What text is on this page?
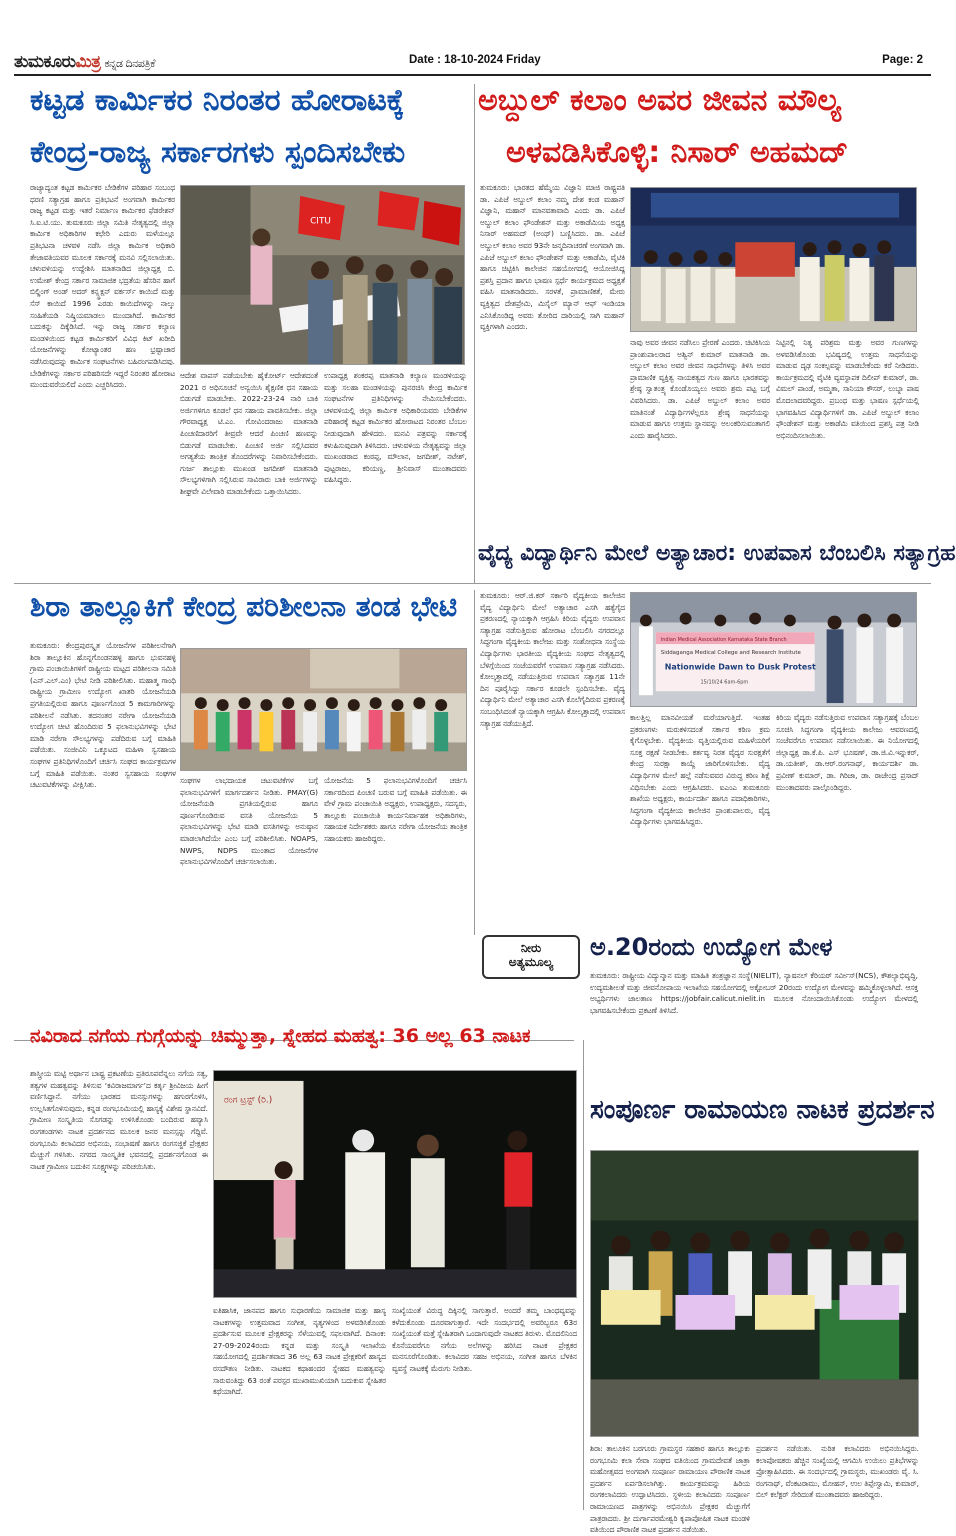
ತುಮಕೂರುಮಿತ್ರ ಕನ್ನಡ ದಿನಪತ್ರಿಕೆ	Date : 18-10-2024 Friday	Page: 2
ಕಟ್ಟಡ ಕಾರ್ಮಿಕರ ನಿರಂತರ ಹೋರಾಟಕ್ಕೆ
ಕೇಂದ್ರ-ರಾಜ್ಯ ಸರ್ಕಾರಗಳು ಸ್ಪಂದಿಸಬೇಕು
ರಾಜ್ಯಾದ್ಯಂತ ಕಟ್ಟಡ ಕಾರ್ಮಿಕರ ಬೇಡಿಕೆಗಳ ಪರಿಹಾರ ಸಂಬಂಧ ಧರಣಿ ಸತ್ಯಾಗ್ರಹ ಹಾಗೂ ಪ್ರತಿಭಟನೆ ಅಂಗವಾಗಿ ಕಾರ್ಮಿಕರ ರಾಜ್ಯ ಕಟ್ಟಡ ಮತ್ತು ಇತರೆ ನಿರ್ಮಾಣ ಕಾರ್ಮಿಕರ ಫೆಡರೇಶನ್ ಸಿ.ಐ.ಟಿ.ಯು. ತುಮಕೂರು ಜಿಲ್ಲಾ ಸಮಿತಿ ನೇತೃತ್ವದಲ್ಲಿ ಜಿಲ್ಲಾ ಕಾರ್ಮಿಕ ಅಧಿಕಾರಿಗಳ ಕಛೇರಿ ಎದುರು ಮಳೆಯಲ್ಲೂ ಪ್ರತಿಭಟನಾ ಚಳವಳಿ ನಡೆಸಿ ಜಿಲ್ಲಾ ಕಾರ್ಮಿಕ ಅಧಿಕಾರಿ ತೇಜಾವತಿಯವರ ಮೂಲಕ ಸರ್ಕಾರಕ್ಕೆ ಮನವಿ ಸಲ್ಲಿಸಲಾಯಿತು. ಚಳುವಳಿಯನ್ನು ಉದ್ದೇಶಿಸಿ ಮಾತನಾಡಿದ ಜಿಲ್ಲಾಧ್ಯಕ್ಷ ಬಿ. ಉಮೇಶ್ ಕೇಂದ್ರ ಸರ್ಕಾರ ಸಾಮಾಜಿಕ ಭದ್ರತೆಯ ಹೆಸರಿನ ಹಾಗೆ ಬಿಲ್ಡಿಂಗ್ ಅಂಡ್ ಅದರ್ ಕನ್ಸ್ಟ್ರಕ್ಷನ್ ವರ್ಕರ್ಸ್ ಕಾಯಿದೆ ಮತ್ತು ಸೆಸ್ ಕಾಯಿದೆ 1996 ಎರಡು ಕಾಯಿದೆಗಳನ್ನು ನಾಲ್ಕು ಸಂಹಿತೆಯಡಿ ನಿಷ್ಕ್ರಿಯಮಾಡಲು ಮುಂದಾಗಿದೆ. ಕಾರ್ಮಿಕರ ಬದುಕನ್ನು ದಿಕ್ಕೆಡಿಸಿದೆ. ಇನ್ನು ರಾಜ್ಯ ಸರ್ಕಾರ ಕಲ್ಯಾಣ ಮಂಡಳಿಯಿಂದ ಕಟ್ಟಡ ಕಾರ್ಮಿಕರಿಗೆ ವಿವಿಧ ಕಿಟ್ ಖರೀದಿ ಯೋಜನೆಗಳನ್ನು ಕೋಟ್ಯಾಂತರ ಹಣ ಭ್ರಷ್ಟಾಚಾರ ನಡೆಸಿರುವುದನ್ನು ಕಾರ್ಮಿಕ ಸಂಘಟನೆಗಳು ಬಹಿರಂಗಪಡಿಸಿದವು. ಬೇಡಿಕೆಗಳನ್ನು ಸರ್ಕಾರ ಪರಿಹರಿಸದೇ ಇದ್ದರೆ ನಿರಂತರ ಹೋರಾಟ ಮುಂದುವರೆಯಲಿದೆ ಎಂದು ಎಚ್ಚರಿಸಿದರು.
CITU
ಆದೇಶ ವಾಪಸ್ ಪಡೆಯಬೇಕು ಹೈಕೋರ್ಟ್ ಆದೇಶದಂತೆ 2021 ರ ಅಧಿಸೂಚನೆ ಅನ್ವಯಿಸಿ ಶೈಕ್ಷಣಿಕ ಧನ ಸಹಾಯ ಬಿಡುಗಡೆ ಮಾಡಬೇಕು. 2022-23-24 ನಾರಿ ಬಾಕಿ ಅರ್ಜಿಗಳಿಗೂ ಕೂಡಲೆ ಧನ ಸಹಾಯ ಪಾವತಿಸಬೇಕು. ಜಿಲ್ಲಾ ಗೌರವಾಧ್ಯಕ್ಷ ಟಿ.ಎಂ. ಗೋವಿಂದರಾಜು ಮಾತನಾಡಿ ಪಿಂಚಣಿದಾರರಿಗೆ ತೀವ್ರವೇ ಆದರೆ ಪಿಂಚಣಿ ಹಣವನ್ನು ಬಿಡುಗಡೆ ಮಾಡಬೇಕು. ಪಿಂಚಣಿ ಅರ್ಜಿ ಸಲ್ಲಿಸಿದವರ ಅಗತ್ಯತೆಯ ತಾಂತ್ರಿಕ ತೊಂದರೆಗಳನ್ನು ನಿವಾರಿಸಬೇಕೆಂದರು. ಗುರ್ಜ ತಾಲ್ಲೂಕು ಮುಖಂಡ ಜಗದೀಶ್ ಮಾತನಾಡಿ ಸೌಲಭ್ಯಗಳಿಗಾಗಿ ಸಲ್ಲಿಸಿರುವ ಸಾವಿರಾರು ಬಾಕಿ ಅರ್ಜಿಗಳನ್ನು ಶೀಘ್ರವೇ ವಿಲೇವಾರಿ ಮಾಡಬೇಕೆಂದು ಒತ್ತಾಯಿಸಿದರು.
ಉಪಾಧ್ಯಕ್ಷ ಶಂಕರಪ್ಪ ಮಾತನಾಡಿ ಕಲ್ಯಾಣ ಮಂಡಳಿಯನ್ನು ಮತ್ತು ಸಲಹಾ ಮಂಡಳಿಯನ್ನು ಪುನರಚಿಸಿ ಕೇಂದ್ರ ಕಾರ್ಮಿಕ ಸಂಘಟನೆಗಳ ಪ್ರತಿನಿಧಿಗಳನ್ನು ನೇಮಿಸಬೇಕೆಂದರು. ಚಳವಳಿಯಲ್ಲಿ ಜಿಲ್ಲಾ ಕಾರ್ಮಿಕ ಅಧಿಕಾರಿಯವರು ಬೇಡಿಕೆಗಳ ಪರಿಹಾರಕ್ಕೆ ಕಟ್ಟಡ ಕಾರ್ಮಿಕರ ಹೋರಾಟದ ನಿರಂತರ ಬೆಂಬಲ ನೀಡುವುದಾಗಿ ಹೇಳಿದರು. ಮನವಿ ಪತ್ರವನ್ನು ಸರ್ಕಾರಕ್ಕೆ ಕಳುಹಿಸುವುದಾಗಿ ತಿಳಿಸಿದರು. ಚಳುವಳಿಯ ನೇತೃತ್ವವನ್ನು ಜಿಲ್ಲಾ ಮುಖಂಡರಾದ ಕಂಠಪ್ಪ, ಮೌಲಾನ, ಜಗದೀಶ್, ನಟೇಶ್, ಪುಟ್ಟರಾಜು, ಕರಿಯಣ್ಣ, ಶ್ರೀನಿವಾಸ್ ಮುಂತಾದವರು ವಹಿಸಿದ್ದರು.
ಅಬ್ದುಲ್ ಕಲಾಂ ಅವರ ಜೀವನ ಮೌಲ್ಯ
ಅಳವಡಿಸಿಕೊಳ್ಳಿ: ನಿಸಾರ್ ಅಹಮದ್
ತುಮಕೂರು: ಭಾರತದ ಹೆಮ್ಮೆಯ ವಿಜ್ಞಾನಿ ಮಾಜಿ ರಾಷ್ಟ್ರಪತಿ ಡಾ. ಎಪಿಜೆ ಅಬ್ದುಲ್ ಕಲಾಂ ನಮ್ಮ ದೇಶ ಕಂಡ ಮಹಾನ್ ವಿಜ್ಞಾನಿ, ಮಹಾನ್ ಮಾನವತಾವಾದಿ ಎಂದು ಡಾ. ಎಪಿಜೆ ಅಬ್ದುಲ್ ಕಲಾಂ ಫೌಂಡೇಶನ್ ಮತ್ತು ಅಕಾಡೆಮಿಯ ಅಧ್ಯಕ್ಷ ನಿಸಾರ್ ಅಹಮದ್ (ಅಂಥ್) ಬಣ್ಣಿಸಿದರು. ಡಾ. ಎಪಿಜೆ ಅಬ್ದುಲ್ ಕಲಾಂ ಅವರ 93ನೇ ಜನ್ಮದಿನಾಚರಣೆ ಅಂಗವಾಗಿ ಡಾ. ಎಪಿಜೆ ಅಬ್ದುಲ್ ಕಲಾಂ ಫೌಂಡೇಶನ್ ಮತ್ತು ಅಕಾಡೆಮಿ, ವೈಟಿಕಿ ಹಾಗೂ ಚಿಟ್ಟಿಕಿಸಿ ಕಾಲೇಜಿನ ಸಹಯೋಗದಲ್ಲಿ ಆಯೋಜಿಸಿದ್ದ ಪ್ರಶಸ್ತಿ ಪ್ರದಾನ ಹಾಗೂ ಭಾಷಣ ಸ್ಪರ್ಧೆ ಕಾರ್ಯಕ್ರಮದ ಅಧ್ಯಕ್ಷತೆ ವಹಿಸಿ ಮಾತನಾಡಿದರು. ಸರಳತೆ, ಪ್ರಾಮಾಣಿಕತೆ, ಮೇರು ವ್ಯಕ್ತಿತ್ವದ ದೇಶಪ್ರೇಮಿ, ಮಿಸೈಲ್ ಮ್ಯಾನ್ ಆಫ್ ಇಂಡಿಯಾ ಎನಿಸಿಕೊಂಡಿದ್ದ ಅವರು ತೋರಿದ ದಾರಿಯಲ್ಲಿ ಸಾಗಿ ಮಹಾನ್ ವ್ಯಕ್ತಿಗಳಾಗಿ ಎಂದರು.
ನಾವು ಅವರ ಜೀವನ ನಡೆಸಿಲು ಪ್ರೇರಣೆ ಎಂದರು. ಚಿಟಿಕಿಸಿಯ ಪ್ರಾಂಶುಪಾಲರಾದ ಅಶ್ವಿನ್ ಕುಮಾರ್ ಮಾತನಾಡಿ ಡಾ. ಅಬ್ದುಲ್ ಕಲಾಂ ಅವರ ಜೀವನ ಸಾಧನೆಗಳನ್ನು ತಿಳಿಸಿ ಅವರ ಪ್ರಾಮಾಣಿಕ ವ್ಯಕ್ತಿತ್ವ ನಾಯಕತ್ವದ ಗುಣ ಹಾಗೂ ಭಾರತವನ್ನು ಶ್ರೇಷ್ಠ ಸ್ವಾತಂತ್ರ್ಯ ಕೊಂಡೊಯ್ಯಲು ಅವರು ಶ್ರಮ ಪಟ್ಟ ಬಗ್ಗೆ ವಿವರಿಸಿದರು. ಡಾ. ಎಪಿಜೆ ಅಬ್ದುಲ್ ಕಲಾಂ ಅವರ ಮಾತಿನಂತೆ ವಿದ್ಯಾರ್ಥಿಗಳೆಲ್ಲರೂ ಶ್ರೇಷ್ಠ ಸಾಧನೆಯನ್ನು ಮಾಡುವ ಹಾಗೂ ಉತ್ತಮ ಸ್ಥಾನವನ್ನು ಅಲಂಕರಿಸುವಂತಾಗಲಿ ಎಂದು ಹಾರೈಸಿದರು.
ನಿಟ್ಟಿನಲ್ಲಿ ನಿತ್ಯ ಪರಿಶ್ರಮ ಮತ್ತು ಅವರ ಗುಣಗಳನ್ನು ಅಳವಡಿಸಿಕೊಂಡು ಭವಿಷ್ಯದಲ್ಲಿ ಉತ್ತಮ ಸಾಧನೆಯನ್ನು ಮಾಡುವ ದೃಢ ಸಂಕಲ್ಪವನ್ನು ಮಾಡಬೇಕೆಂದು ಕರೆ ನೀಡಿದರು. ಕಾರ್ಯಕ್ರಮದಲ್ಲಿ ವೈಟಿಕಿ ವ್ಯವಸ್ಥಾಪಕ ದಿಲೀಪ್ ಕುಮಾರ್, ಡಾ. ವಿಮಲ್ ಪಾಂಡೆ, ಅಮ್ಮತಾ, ಸಾನಿಯಾ ಕೌಸರ್, ಲುಬ್ನಾ ಪಾಷ ಮೊದಲಾದವರಿದ್ದರು. ಪ್ರಬಂಧ ಮತ್ತು ಭಾಷಣ ಸ್ಪರ್ಧೆಯಲ್ಲಿ ಭಾಗವಹಿಸಿದ ವಿದ್ಯಾರ್ಥಿಗಳಿಗೆ ಡಾ. ಎಪಿಜೆ ಅಬ್ದುಲ್ ಕಲಾಂ ಫೌಂಡೇಶನ್ ಮತ್ತು ಅಕಾಡೆಮಿ ವತಿಯಿಂದ ಪ್ರಶಸ್ತಿ ಪತ್ರ ನೀಡಿ ಅಭಿನಂದಿಸಲಾಯಿತು.
ಶಿರಾ ತಾಲ್ಲೂಕಿಗೆ ಕೇಂದ್ರ ಪರಿಶೀಲನಾ ತಂಡ ಭೇಟಿ
ತುಮಕೂರು: ಕೇಂದ್ರಪುರಸ್ಕೃತ ಯೋಜನೆಗಳ ಪರಿಶೀಲನೆಗಾಗಿ ಶಿರಾ ತಾಲ್ಲೂಕಿನ ಹೊನ್ನಗೊಂಡನಹಳ್ಳಿ ಹಾಗೂ ಭುವನಹಳ್ಳಿ ಗ್ರಾಮ ಪಂಚಾಯಿತಿಗಳಿಗೆ ರಾಷ್ಟ್ರೀಯ ಮಟ್ಟದ ಪರಿಶೀಲನಾ ಸಮಿತಿ (ಎನ್.ಎಲ್.ಎಂ) ಭೇಟಿ ನೀಡಿ ಪರಿಶೀಲಿಸಿತು. ಮಹಾತ್ಮ ಗಾಂಧಿ ರಾಷ್ಟ್ರೀಯ ಗ್ರಾಮೀಣ ಉದ್ಯೋಗ ಖಾತರಿ ಯೋಜನೆಯಡಿ ಪ್ರಗತಿಯಲ್ಲಿರುವ ಹಾಗೂ ಪೂರ್ಣಗೊಂಡ 5 ಕಾಮಗಾರಿಗಳನ್ನು ಪರಿಶೀಲನೆ ನಡೆಸಿತು. ತದನಂತರ ನರೇಗಾ ಯೋಜನೆಯಡಿ ಉದ್ಯೋಗ ಚೀಟಿ ಹೊಂದಿರುವ 5 ಫಲಾನುಭವಿಗಳನ್ನು ಭೇಟಿ ಮಾಡಿ ನರೇಗಾ ಸೌಲಭ್ಯಗಳನ್ನು ಪಡೆದಿರುವ ಬಗ್ಗೆ ಮಾಹಿತಿ ಪಡೆಯಿತು. ಸಂಜೀವಿನಿ ಒಕ್ಕೂಟದ ಮಹಿಳಾ ಸ್ವಸಹಾಯ ಸಂಘಗಳ ಪ್ರತಿನಿಧಿಗಳೊಂದಿಗೆ ಚರ್ಚಿಸಿ ಸಂಘದ ಕಾರ್ಯಕ್ರಮಗಳ ಬಗ್ಗೆ ಮಾಹಿತಿ ಪಡೆಯಿತು. ನಂತರ ಸ್ವಸಹಾಯ ಸಂಘಗಳ ಚಟುವಟಿಕೆಗಳನ್ನು ವೀಕ್ಷಿಸಿತು.	ಸಂಘಗಳ ಲಾಭದಾಯಕ ಚಟುವಟಿಕೆಗಳ ಬಗ್ಗೆ ಫಲಾನುಭವಿಗಳಿಗೆ ಮಾರ್ಗದರ್ಶನ ನೀಡಿತು. PMAY(G) ಯೋಜನೆಯಡಿ ಪ್ರಗತಿಯಲ್ಲಿರುವ ಹಾಗೂ ಪೂರ್ಣಗೊಂಡಿರುವ ವಸತಿ ಯೋಜನೆಯ 5 ಫಲಾನುಭವಿಗಳನ್ನು ಭೇಟಿ ಮಾಡಿ ವಸತಿಗಳನ್ನು ಅನುಷ್ಠಾನ ಮಾಡಲಾಗಿದೆಯೇ ಎಂಬ ಬಗ್ಗೆ ಪರಿಶೀಲಿಸಿತು. NOAPS, NWPS, NDPS ಮುಂತಾದ ಯೋಜನೆಗಳ ಫಲಾನುಭವಿಗಳೊಂದಿಗೆ ಚರ್ಚಿಸಲಾಯಿತು.
ಯೋಜನೆಯ 5 ಫಲಾನುಭವಿಗಳೊಂದಿಗೆ ಚರ್ಚಿಸಿ ಸರ್ಕಾರದಿಂದ ಪಿಂಚಣಿ ಬರುವ ಬಗ್ಗೆ ಮಾಹಿತಿ ಪಡೆಯಿತು. ಈ ವೇಳೆ ಗ್ರಾಮ ಪಂಚಾಯಿತಿ ಅಧ್ಯಕ್ಷರು, ಉಪಾಧ್ಯಕ್ಷರು, ಸದಸ್ಯರು, ತಾಲ್ಲೂಕು ಪಂಚಾಯಿತಿ ಕಾರ್ಯನಿರ್ವಾಹಕ ಅಧಿಕಾರಿಗಳು, ಸಹಾಯಕ ನಿರ್ದೇಶಕರು ಹಾಗೂ ನರೇಗಾ ಯೋಜನೆಯ ತಾಂತ್ರಿಕ ಸಹಾಯಕರು ಹಾಜರಿದ್ದರು.
ನೀರು
ಅತ್ಯಮೂಲ್ಯ
ವೈದ್ಯ ವಿದ್ಯಾರ್ಥಿನಿ ಮೇಲೆ ಅತ್ಯಾಚಾರ: ಉಪವಾಸ ಬೆಂಬಲಿಸಿ ಸತ್ಯಾಗ್ರಹ
ತುಮಕೂರು: ಆರ್.ಜಿ.ಕರ್ ಸರ್ಕಾರಿ ವೈದ್ಯಕೀಯ ಕಾಲೇಜಿನ ವೈದ್ಯ ವಿದ್ಯಾರ್ಥಿನಿ ಮೇಲೆ ಅತ್ಯಾಚಾರ ಎಸಗಿ ಹತ್ಯೆಗೈದ ಪ್ರಕರಣದಲ್ಲಿ ನ್ಯಾಯಕ್ಕಾಗಿ ಆಗ್ರಹಿಸಿ ಕಿರಿಯ ವೈದ್ಯರು ಉಪವಾಸ ಸತ್ಯಾಗ್ರಹ ನಡೆಸುತ್ತಿರುವ ಹೋರಾಟ ಬೆಂಬಲಿಸಿ ನಗರದಲ್ಲೂ ಸಿದ್ಧಗಂಗಾ ವೈದ್ಯಕೀಯ ಕಾಲೇಜು ಮತ್ತು ಸಂಶೋಧನಾ ಸಂಸ್ಥೆಯ ವಿದ್ಯಾರ್ಥಿಗಳು ಭಾರತೀಯ ವೈದ್ಯಕೀಯ ಸಂಘದ ನೇತೃತ್ವದಲ್ಲಿ ಬೆಳಿಗ್ಗೆಯಿಂದ ಸಂಜೆಯವರೆಗೆ ಉಪವಾಸ ಸತ್ಯಾಗ್ರಹ ನಡೆಸಿದರು. ಕೋಲ್ಕತ್ತಾದಲ್ಲಿ ನಡೆಯುತ್ತಿರುವ ಉಪವಾಸ ಸತ್ಯಾಗ್ರಹ 11ನೇ ದಿನ ಪೂರೈಸಿದ್ದು ಸರ್ಕಾರ ಕೂಡಲೇ ಸ್ಪಂದಿಸಬೇಕು. ವೈದ್ಯ ವಿದ್ಯಾರ್ಥಿನಿ ಮೇಲೆ ಅತ್ಯಾಚಾರ ಎಸಗಿ ಕೊಲೆಗೈದಿರುವ ಪ್ರಕರಣಕ್ಕೆ ಸಂಬಂಧಿಸಿದಂತೆ ನ್ಯಾಯಕ್ಕಾಗಿ ಆಗ್ರಹಿಸಿ ಕೋಲ್ಕತ್ತಾದಲ್ಲಿ ಉಪವಾಸ ಸತ್ಯಾಗ್ರಹ ನಡೆಯುತ್ತಿದೆ.
Indian Medical Association Karnataka State Branch
Siddaganga Medical College and Research Institute
Nationwide Dawn to Dusk Protest
15/10/24 6am-6pm
ಕಾಲತ್ತಿಲ್ಲ ಮಾನವೀಯತೆ ಮರೆಯಾಗುತ್ತಿದೆ. ಇಂತಹ ಪ್ರಕರಣಗಳು ಮರುಕಳಿಸದಂತೆ ಸರ್ಕಾರ ಕಠಿಣ ಕ್ರಮ ಕೈಗೊಳ್ಳಬೇಕು. ವೈದ್ಯಕೀಯ ವೃತ್ತಿಯಲ್ಲಿರುವ ಮಹಿಳೆಯರಿಗೆ ಸೂಕ್ತ ರಕ್ಷಣೆ ನೀಡಬೇಕು. ಕರ್ತವ್ಯ ನಿರತ ವೈದ್ಯರ ಸುರಕ್ಷತೆಗೆ ಕೇಂದ್ರ ಸುರಕ್ಷಾ ಕಾಯ್ದೆ ಜಾರಿಗೊಳಿಸಬೇಕು. ವೈದ್ಯ ವಿದ್ಯಾರ್ಥಿಗಳ ಮೇಲೆ ಹಲ್ಲೆ ನಡೆಸುವವರ ವಿರುದ್ಧ ಕಠಿಣ ಶಿಕ್ಷೆ ವಿಧಿಸಬೇಕು ಎಂದು ಆಗ್ರಹಿಸಿದರು. ಐಎಂಎ ತುಮಕೂರು ಶಾಖೆಯ ಅಧ್ಯಕ್ಷರು, ಕಾರ್ಯದರ್ಶಿ ಹಾಗೂ ಪದಾಧಿಕಾರಿಗಳು, ಸಿದ್ಧಗಂಗಾ ವೈದ್ಯಕೀಯ ಕಾಲೇಜಿನ ಪ್ರಾಂಶುಪಾಲರು, ವೈದ್ಯ ವಿದ್ಯಾರ್ಥಿಗಳು ಭಾಗವಹಿಸಿದ್ದರು.
ಕಿರಿಯ ವೈದ್ಯರು ನಡೆಸುತ್ತಿರುವ ಉಪವಾಸ ಸತ್ಯಾಗ್ರಹಕ್ಕೆ ಬೆಂಬಲ ಸೂಚಿಸಿ ಸಿದ್ಧಗಂಗಾ ವೈದ್ಯಕೀಯ ಕಾಲೇಜು ಆವರಣದಲ್ಲಿ ಸಂಜೆವರೆಗೂ ಉಪವಾಸ ನಡೆಸಲಾಯಿತು. ಈ ನಿಯೋಗದಲ್ಲಿ ಜಿಲ್ಲಾಧ್ಯಕ್ಷ ಡಾ.ಕೆ.ಪಿ. ಎಸ್ ಭೂಷಣ್, ಡಾ.ಜಿ.ವಿ.ಇನ್ನುಕರ್, ಡಾ.ಯತೀಶ್, ಡಾ.ಆರ್.ರಂಗನಾಥ್, ಕಾರ್ಯದರ್ಶಿ ಡಾ. ಪ್ರವೀಣ್ ಕುಮಾರ್, ಡಾ. ಗಿರಿಜಾ, ಡಾ. ರಾಜೇಂದ್ರ ಪ್ರಸಾದ್ ಮುಂತಾದವರು ಪಾಲ್ಗೊಂಡಿದ್ದರು.
ಅ.20ರಂದು ಉದ್ಯೋಗ ಮೇಳ
ತುಮಕೂರು: ರಾಷ್ಟ್ರೀಯ ವಿದ್ಯುನ್ಮಾನ ಮತ್ತು ಮಾಹಿತಿ ತಂತ್ರಜ್ಞಾನ ಸಂಸ್ಥೆ(NIELIT), ನ್ಯಾಷನಲ್ ಕೆರಿಯರ್ ಸರ್ವೀಸ್(NCS), ಕೌಶಲ್ಯಾಭಿವೃದ್ಧಿ, ಉದ್ಯಮಶೀಲತೆ ಮತ್ತು ಜೀವನೋಪಾಯ ಇಲಾಖೆಯ ಸಹಯೋಗದಲ್ಲಿ ಅಕ್ಟೋಬರ್ 20ರಂದು ಉದ್ಯೋಗ ಮೇಳವನ್ನು ಹಮ್ಮಿಕೊಳ್ಳಲಾಗಿದೆ. ಆಸಕ್ತ ಅಭ್ಯರ್ಥಿಗಳು ಜಾಲತಾಣ https://jobfair.calicut.nielit.in ಮೂಲಕ ನೋಂದಾಯಿಸಿಕೊಂಡು ಉದ್ಯೋಗ ಮೇಳದಲ್ಲಿ ಭಾಗವಹಿಸಬೇಕೆಂದು ಪ್ರಕಟಣೆ ತಿಳಿಸಿದೆ.
ನವಿರಾದ ನಗೆಯ ಗುಗ್ಗೆಯನ್ನು ಚಿಮ್ಮುತ್ತಾ, ಸ್ನೇಹದ ಮಹತ್ವ: 36 ಅಲ್ಲ 63 ನಾಟಕ
ಶಾಸ್ತ್ರೀಯ ಮಟ್ಟಿ ಅರ್ಥಾನ ಬಾಷ್ಟ್ರ ಪ್ರಕಟಣೆಯ ಪ್ರತಿರೂಪವೆನ್ನಲು ನಗೆಯ ಸತ್ವ, ತತ್ವಗಳ ಮಹತ್ವವನ್ನು ತಿಳಿಸುವ ‘ಕವಿರಾಜಮಾರ್ಗ’ದ ಕರ್ತೃ ಶ್ರೀವಿಜಯ ಹೀಗೆ ವರ್ಣಿಸಿದ್ದಾನೆ. ನಗೆಯು ಭಾರತದ ಮನಸ್ಸುಗಳನ್ನು ಹಗುರಗೊಳಿಸಿ, ಉಲ್ಲಸಿತಗೊಳಿಸುವುದು, ಕನ್ನಡ ರಂಗಭೂಮಿಯಲ್ಲಿ ಹಾಸ್ಯಕ್ಕೆ ವಿಶೇಷ ಸ್ಥಾನವಿದೆ. ಗ್ರಾಮೀಣ ಸಂಸ್ಕೃತಿಯ ಸೊಗಡನ್ನು ಉಳಿಸಿಕೊಂಡು ಬಂದಿರುವ ಹವ್ಯಾಸಿ ರಂಗತಂಡಗಳು ನಾಟಕ ಪ್ರದರ್ಶನದ ಮೂಲಕ ಜನರ ಮನಸ್ಸನ್ನು ಗೆದ್ದಿವೆ. ರಂಗಭೂಮಿ ಕಲಾವಿದರ ಅಭಿನಯ, ಸಂಭಾಷಣೆ ಹಾಗೂ ರಂಗಸಜ್ಜಿಕೆ ಪ್ರೇಕ್ಷಕರ ಮೆಚ್ಚುಗೆ ಗಳಿಸಿತು. ನಗರದ ಸಾಂಸ್ಕೃತಿಕ ಭವನದಲ್ಲಿ ಪ್ರದರ್ಶನಗೊಂಡ ಈ ನಾಟಕ ಗ್ರಾಮೀಣ ಬದುಕಿನ ಸೂಕ್ಷ್ಮಗಳನ್ನು ಪರಿಚಯಿಸಿತು.
ರಂಗ ಟ್ರಸ್ಟ್ (ರಿ.)
ಐತಿಹಾಸಿಕ, ಜಾನಪದ ಹಾಗೂ ಸುಧಾರಣೆಯ ಸಾಮಾಜಿಕ ಮತ್ತು ಹಾಸ್ಯ ನಾಟಕಗಳನ್ನು ಉತ್ತಮವಾದ ಸಂಗೀತ, ನೃತ್ಯಗಳಿಂದ ಅಳವಡಿಸಿಕೊಂಡು ಪ್ರದರ್ಶಿಸುವ ಮೂಲಕ ಪ್ರೇಕ್ಷಕರನ್ನು ಸೆಳೆಯುವಲ್ಲಿ ಸಫಲವಾಗಿದೆ. ದಿನಾಂಕ: 27-09-2024ರಂದು ಕನ್ನಡ ಮತ್ತು ಸಂಸ್ಕೃತಿ ಇಲಾಖೆಯ ಸಹಯೋಗದಲ್ಲಿ ಪ್ರದರ್ಶಿತವಾದ 36 ಅಲ್ಲ 63 ನಾಟಕ ಪ್ರೇಕ್ಷಕರಿಗೆ ಹಾಸ್ಯದ ರಸದೌತಣ ನೀಡಿತು. ನಾಟಕದ ಕಥಾಹಂದರ ಸ್ನೇಹದ ಮಹತ್ವವನ್ನು ಸಾರುವಂತಿದ್ದು 63 ರಂತೆ ಪರಸ್ಪರ ಮುಖಾಮುಖಿಯಾಗಿ ಬದುಕುವ ಸ್ನೇಹಿತರ ಕಥೆಯಾಗಿದೆ.
ಸಂಖ್ಯೆಯಂತೆ ವಿರುದ್ಧ ದಿಕ್ಕಿನಲ್ಲಿ ಸಾಗುತ್ತಾರೆ. ಅಂದರೆ ತಮ್ಮ ಬಾಂಧವ್ಯವನ್ನು ಕಳೆದುಕೊಂಡು ದೂರವಾಗುತ್ತಾರೆ. ಇದೇ ಸಂದರ್ಭದಲ್ಲಿ ಅವರಿಬ್ಬರೂ 63ರ ಸಂಖ್ಯೆಯಂತೆ ಮತ್ತೆ ಸ್ನೇಹಿತರಾಗಿ ಒಂದಾಗುವುದೇ ನಾಟಕದ ತಿರುಳು. ಮೊದಲಿನಿಂದ ಕೊನೆಯವರೆಗೂ ನಗೆಯ ಅಲೆಗಳನ್ನು ಹರಿಸಿದ ನಾಟಕ ಪ್ರೇಕ್ಷಕರ ಮನಸೂರೆಗೊಂಡಿತು. ಕಲಾವಿದರ ಸಹಜ ಅಭಿನಯ, ಸಂಗೀತ ಹಾಗೂ ಬೆಳಕಿನ ವ್ಯವಸ್ಥೆ ನಾಟಕಕ್ಕೆ ಮೆರುಗು ನೀಡಿತು.
ಸಂಪೂರ್ಣ ರಾಮಾಯಣ ನಾಟಕ ಪ್ರದರ್ಶನ
ಶಿರಾ: ತಾಲೂಕಿನ ಬರಗೂರು ಗ್ರಾಮಸ್ಥರ ಸಹಕಾರ ಹಾಗೂ ತಾಲ್ಲೂಕು ರಂಗಭೂಮಿ ಕಲಾ ಸೇವಾ ಸಂಘದ ವತಿಯಿಂದ ಗ್ರಾಮದೇವತೆ ಜಾತ್ರಾ ಮಹೋತ್ಸವದ ಅಂಗವಾಗಿ ಸಂಪೂರ್ಣ ರಾಮಾಯಣ ಪೌರಾಣಿಕ ನಾಟಕ ಪ್ರದರ್ಶನ ಏರ್ಪಡಿಸಲಾಗಿತ್ತು. ಕಾರ್ಯಕ್ರಮವನ್ನು ಹಿರಿಯ ರಂಗಕಲಾವಿದರು ಉದ್ಘಾಟಿಸಿದರು. ಸ್ಥಳೀಯ ಕಲಾವಿದರು ಸಂಪೂರ್ಣ ರಾಮಾಯಣದ ಪಾತ್ರಗಳನ್ನು ಅಭಿನಯಿಸಿ ಪ್ರೇಕ್ಷಕರ ಮೆಚ್ಚುಗೆಗೆ ಪಾತ್ರರಾದರು. ಶ್ರೀ ದುರ್ಗಾಪರಮೇಶ್ವರಿ ಕೃಪಾಪೋಷಿತ ನಾಟಕ ಮಂಡಳಿ ವತಿಯಿಂದ ಪೌರಾಣಿಕ ನಾಟಕ ಪ್ರದರ್ಶನ ನಡೆಯಿತು.
ಪ್ರದರ್ಶನ ನಡೆಯಿತು. ನುರಿತ ಕಲಾವಿದರು ಅಭಿನಯಿಸಿದ್ದರು. ಕಲಾಪೋಷಕರು ಹೆಚ್ಚಿನ ಸಂಖ್ಯೆಯಲ್ಲಿ ಆಗಮಿಸಿ ಉಯಿಲು ಪ್ರತಿಭೆಗಳನ್ನು ಪ್ರೋತ್ಸಾಹಿಸಿದರು. ಈ ಸಂದರ್ಭದಲ್ಲಿ ಗ್ರಾಮಸ್ಥರು, ಮುಖಂಡರು ವೈ. ಸಿ. ರಂಗನಾಥ್, ವೆಂಕಟರಾಮು, ಮೋಹನ್, ಉಲ ತಿಪ್ಪೇಸ್ವಾಮಿ, ಕುಮಾರ್, ಬಿಲ್ ಕಲೆಕ್ಟರ್ ಸೇರಿದಂತೆ ಮುಂತಾದವರು ಹಾಜರಿದ್ದರು.
